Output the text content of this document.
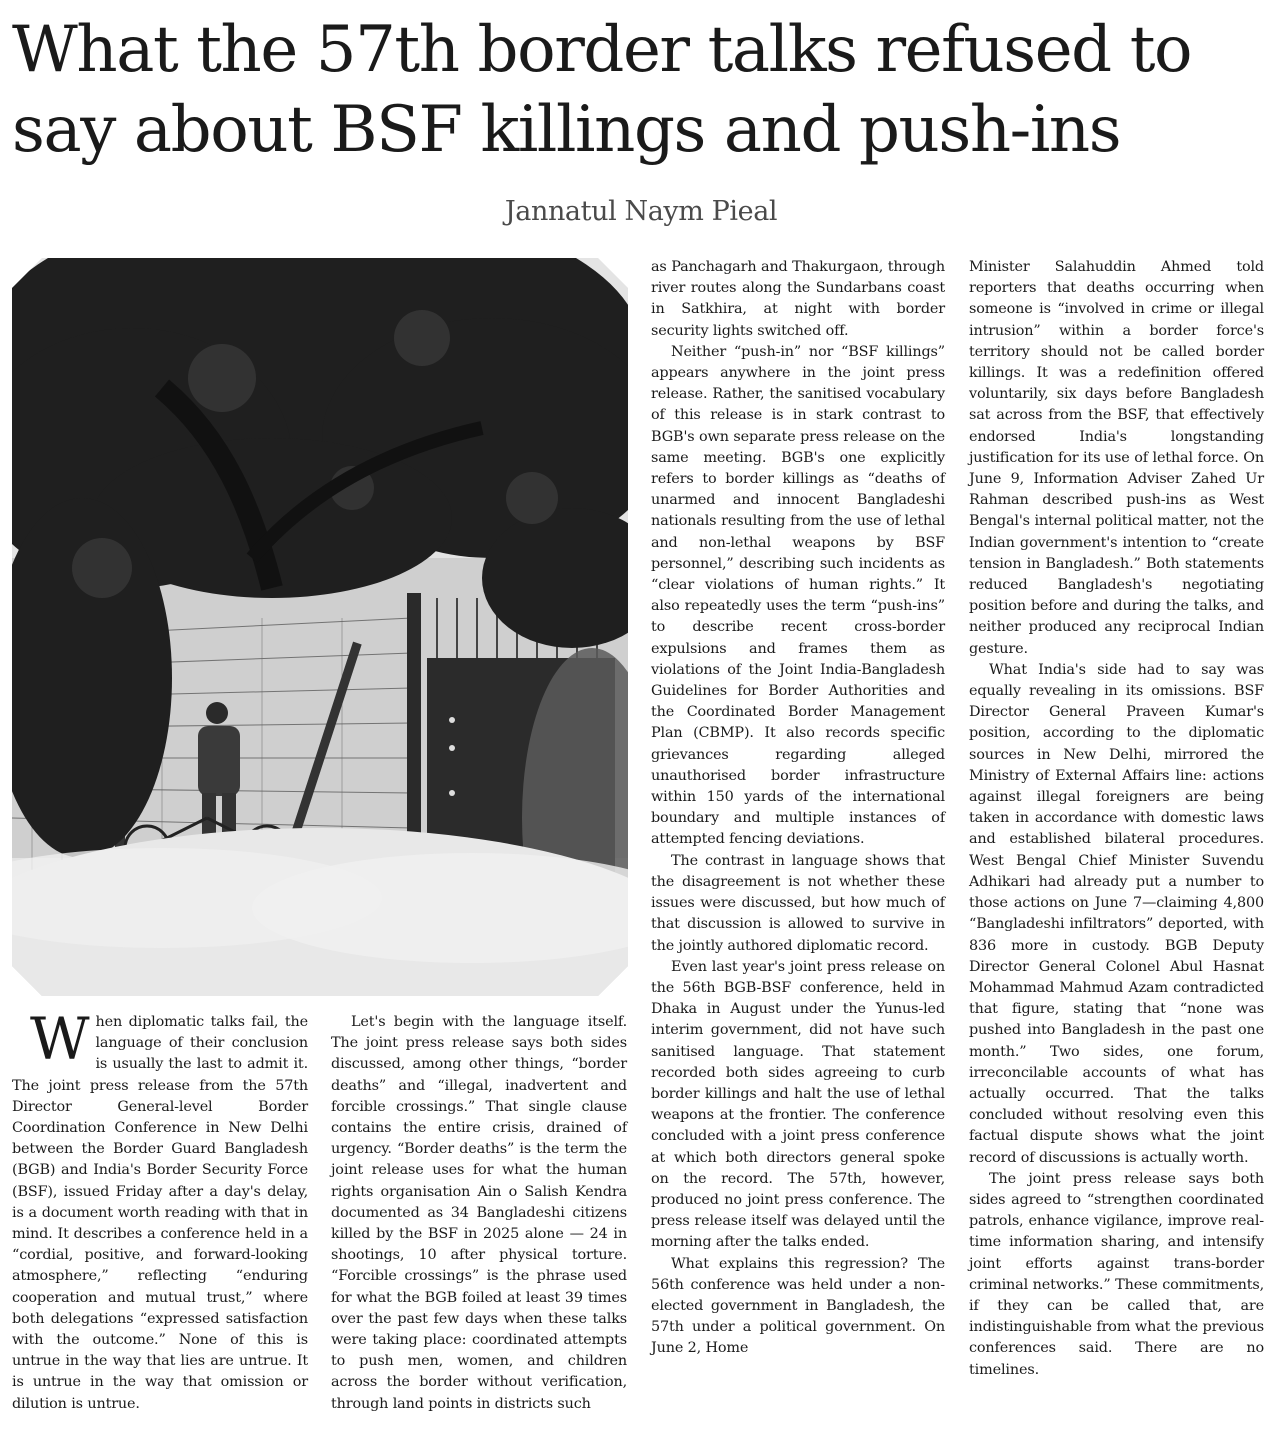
What the 57th border talks refused to
say about BSF killings and push-ins
Jannatul Naym Pieal

When diplomatic talks fail, the language of their conclusion is usually the last to admit it. The joint press release from the 57th Director General-level Border Coordination Conference in New Delhi between the Border Guard Bangladesh (BGB) and India's Border Security Force (BSF), issued Friday after a day's delay, is a document worth reading with that in mind. It describes a conference held in a “cordial, positive, and forward-looking atmosphere,” reflecting “enduring cooperation and mutual trust,” where both delegations “expressed satisfaction with the outcome.” None of this is untrue in the way that lies are untrue. It is untrue in the way that omission or dilution is untrue.

Let's begin with the language itself. The joint press release says both sides discussed, among other things, “border deaths” and “illegal, inadvertent and forcible crossings.” That single clause contains the entire crisis, drained of urgency. “Border deaths” is the term the joint release uses for what the human rights organisation Ain o Salish Kendra documented as 34 Bangladeshi citizens killed by the BSF in 2025 alone — 24 in shootings, 10 after physical torture. “Forcible crossings” is the phrase used for what the BGB foiled at least 39 times over the past few days when these talks were taking place: coordinated attempts to push men, women, and children across the border without verification, through land points in districts such

as Panchagarh and Thakurgaon, through river routes along the Sundarbans coast in Satkhira, at night with border security lights switched off.

Neither “push-in” nor “BSF killings” appears anywhere in the joint press release. Rather, the sanitised vocabulary of this release is in stark contrast to BGB's own separate press release on the same meeting. BGB's one explicitly refers to border killings as “deaths of unarmed and innocent Bangladeshi nationals resulting from the use of lethal and non-lethal weapons by BSF personnel,” describing such incidents as “clear violations of human rights.” It also repeatedly uses the term “push-ins” to describe recent cross-border expulsions and frames them as violations of the Joint India-Bangladesh Guidelines for Border Authorities and the Coordinated Border Management Plan (CBMP). It also records specific grievances regarding alleged unauthorised border infrastructure within 150 yards of the international boundary and multiple instances of attempted fencing deviations.

The contrast in language shows that the disagreement is not whether these issues were discussed, but how much of that discussion is allowed to survive in the jointly authored diplomatic record.

Even last year's joint press release on the 56th BGB-BSF conference, held in Dhaka in August under the Yunus-led interim government, did not have such sanitised language. That statement recorded both sides agreeing to curb border killings and halt the use of lethal weapons at the frontier. The conference concluded with a joint press conference at which both directors general spoke on the record. The 57th, however, produced no joint press conference. The press release itself was delayed until the morning after the talks ended.

What explains this regression? The 56th conference was held under a non-elected government in Bangladesh, the 57th under a political government. On June 2, Home

Minister Salahuddin Ahmed told reporters that deaths occurring when someone is “involved in crime or illegal intrusion” within a border force's territory should not be called border killings. It was a redefinition offered voluntarily, six days before Bangladesh sat across from the BSF, that effectively endorsed India's longstanding justification for its use of lethal force. On June 9, Information Adviser Zahed Ur Rahman described push-ins as West Bengal's internal political matter, not the Indian government's intention to “create tension in Bangladesh.” Both statements reduced Bangladesh's negotiating position before and during the talks, and neither produced any reciprocal Indian gesture.

What India's side had to say was equally revealing in its omissions. BSF Director General Praveen Kumar's position, according to the diplomatic sources in New Delhi, mirrored the Ministry of External Affairs line: actions against illegal foreigners are being taken in accordance with domestic laws and established bilateral procedures. West Bengal Chief Minister Suvendu Adhikari had already put a number to those actions on June 7—claiming 4,800 “Bangladeshi infiltrators” deported, with 836 more in custody. BGB Deputy Director General Colonel Abul Hasnat Mohammad Mahmud Azam contradicted that figure, stating that “none was pushed into Bangladesh in the past one month.” Two sides, one forum, irreconcilable accounts of what has actually occurred. That the talks concluded without resolving even this factual dispute shows what the joint record of discussions is actually worth.

The joint press release says both sides agreed to “strengthen coordinated patrols, enhance vigilance, improve real-time information sharing, and intensify joint efforts against trans-border criminal networks.” These commitments, if they can be called that, are indistinguishable from what the previous conferences said. There are no timelines.
